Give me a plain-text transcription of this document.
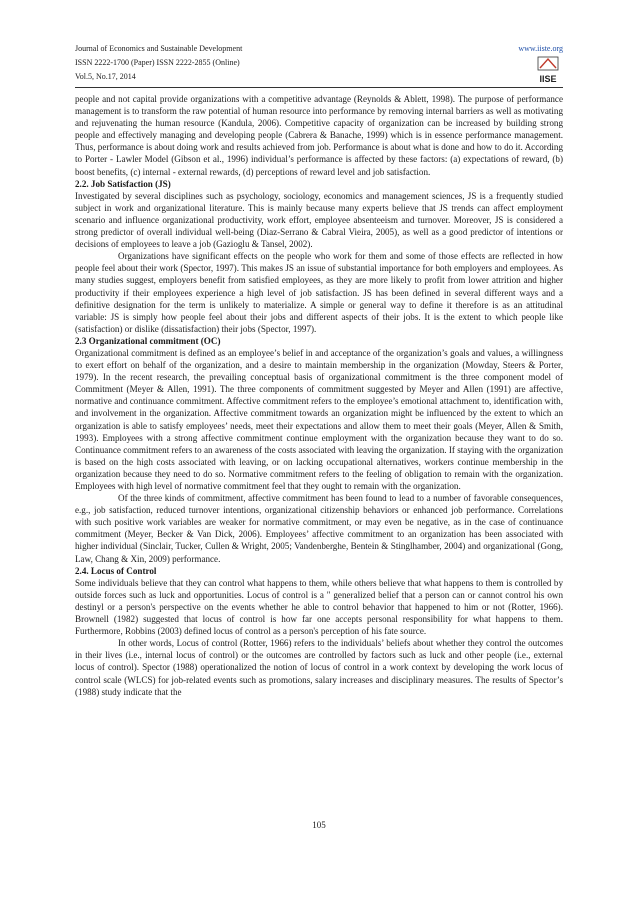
Journal of Economics and Sustainable Development

ISSN 2222-1700 (Paper) ISSN 2222-2855 (Online)

Vol.5, No.17, 2014

www.iiste.org
IISE

people and not capital provide organizations with a competitive advantage (Reynolds & Ablett, 1998). The purpose of performance management is to transform the raw potential of human resource into performance by removing internal barriers as well as motivating and rejuvenating the human resource (Kandula, 2006). Competitive capacity of organization can be increased by building strong people and effectively managing and developing people (Cabrera & Banache, 1999) which is in essence performance management. Thus, performance is about doing work and results achieved from job. Performance is about what is done and how to do it. According to Porter - Lawler Model (Gibson et al., 1996) individual’s performance is affected by these factors: (a) expectations of reward, (b) boost benefits, (c) internal - external rewards, (d) perceptions of reward level and job satisfaction.

2.2. Job Satisfaction (JS)

Investigated by several disciplines such as psychology, sociology, economics and management sciences, JS is a frequently studied subject in work and organizational literature. This is mainly because many experts believe that JS trends can affect employment scenario and influence organizational productivity, work effort, employee absenteeism and turnover. Moreover, JS is considered a strong predictor of overall individual well-being (Diaz-Serrano & Cabral Vieira, 2005), as well as a good predictor of intentions or decisions of employees to leave a job (Gazioglu & Tansel, 2002).

Organizations have significant effects on the people who work for them and some of those effects are reflected in how people feel about their work (Spector, 1997). This makes JS an issue of substantial importance for both employers and employees. As many studies suggest, employers benefit from satisfied employees, as they are more likely to profit from lower attrition and higher productivity if their employees experience a high level of job satisfaction. JS has been defined in several different ways and a definitive designation for the term is unlikely to materialize. A simple or general way to define it therefore is as an attitudinal variable: JS is simply how people feel about their jobs and different aspects of their jobs. It is the extent to which people like (satisfaction) or dislike (dissatisfaction) their jobs (Spector, 1997).

2.3 Organizational commitment (OC)

Organizational commitment is defined as an employee’s belief in and acceptance of the organization’s goals and values, a willingness to exert effort on behalf of the organization, and a desire to maintain membership in the organization (Mowday, Steers & Porter, 1979). In the recent research, the prevailing conceptual basis of organizational commitment is the three component model of Commitment (Meyer & Allen, 1991). The three components of commitment suggested by Meyer and Allen (1991) are affective, normative and continuance commitment. Affective commitment refers to the employee’s emotional attachment to, identification with, and involvement in the organization. Affective commitment towards an organization might be influenced by the extent to which an organization is able to satisfy employees’ needs, meet their expectations and allow them to meet their goals (Meyer, Allen & Smith, 1993). Employees with a strong affective commitment continue employment with the organization because they want to do so. Continuance commitment refers to an awareness of the costs associated with leaving the organization. If staying with the organization is based on the high costs associated with leaving, or on lacking occupational alternatives, workers continue membership in the organization because they need to do so. Normative commitment refers to the feeling of obligation to remain with the organization. Employees with high level of normative commitment feel that they ought to remain with the organization.

Of the three kinds of commitment, affective commitment has been found to lead to a number of favorable consequences, e.g., job satisfaction, reduced turnover intentions, organizational citizenship behaviors or enhanced job performance. Correlations with such positive work variables are weaker for normative commitment, or may even be negative, as in the case of continuance commitment (Meyer, Becker & Van Dick, 2006). Employees’ affective commitment to an organization has been associated with higher individual (Sinclair, Tucker, Cullen & Wright, 2005; Vandenberghe, Bentein & Stinglhamber, 2004) and organizational (Gong, Law, Chang & Xin, 2009) performance.

2.4. Locus of Control

Some individuals believe that they can control what happens to them, while others believe that what happens to them is controlled by outside forces such as luck and opportunities. Locus of control is a " generalized belief that a person can or cannot control his own destinyl or a person's perspective on the events whether he able to control behavior that happened to him or not (Rotter, 1966). Brownell (1982) suggested that locus of control is how far one accepts personal responsibility for what happens to them. Furthermore, Robbins (2003) defined locus of control as a person's perception of his fate source.

In other words, Locus of control (Rotter, 1966) refers to the individuals’ beliefs about whether they control the outcomes in their lives (i.e., internal locus of control) or the outcomes are controlled by factors such as luck and other people (i.e., external locus of control). Spector (1988) operationalized the notion of locus of control in a work context by developing the work locus of control scale (WLCS) for job-related events such as promotions, salary increases and disciplinary measures. The results of Spector’s (1988) study indicate that the

105
